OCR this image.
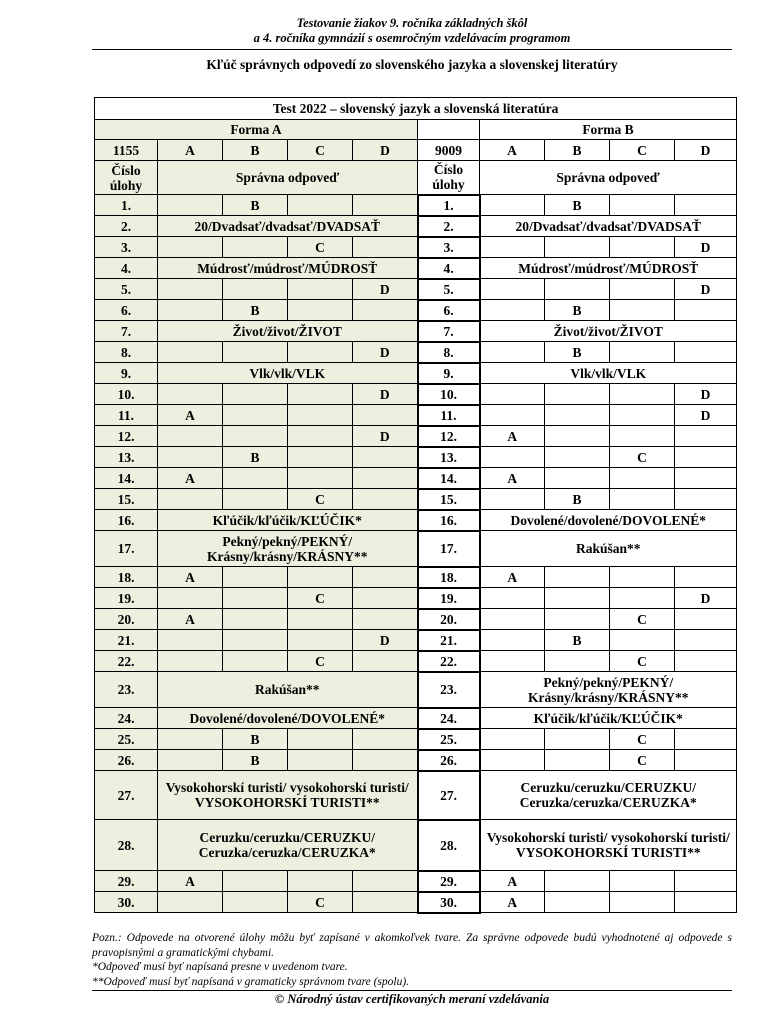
Testovanie žiakov 9. ročníka základných škôl
a 4. ročníka gymnázií s osemročným vzdelávacím programom
Kľúč správnych odpovedí zo slovenského jazyka a slovenskej literatúry
Test 2022 – slovenský jazyk a slovenská literatúra									
Forma A						Forma B			
1155	A	B	C	D	9009	A	B	C	D
Číslo úlohy	Správna odpoveď				Číslo úlohy	Správna odpoveď			
1.		B			1.		B		
2.	20/Dvadsať/dvadsať/DVADSAŤ				2.	20/Dvadsať/dvadsať/DVADSAŤ			
3.			C		3.				D
4.	Múdrosť/múdrosť/MÚDROSŤ				4.	Múdrosť/múdrosť/MÚDROSŤ			
5.				D	5.				D
6.		B			6.		B		
7.	Život/život/ŽIVOT				7.	Život/život/ŽIVOT			
8.				D	8.		B		
9.	Vlk/vlk/VLK				9.	Vlk/vlk/VLK			
10.				D	10.				D
11.	A				11.				D
12.				D	12.	A			
13.		B			13.			C	
14.	A				14.	A			
15.			C		15.		B		
16.	Kľúčik/kľúčik/KĽÚČIK*				16.	Dovolené/dovolené/DOVOLENÉ*			
17.	Pekný/pekný/PEKNÝ/ Krásny/krásny/KRÁSNY**				17.	Rakúšan**			
18.	A				18.	A			
19.			C		19.				D
20.	A				20.			C	
21.				D	21.		B		
22.			C		22.			C	
23.	Rakúšan**				23.	Pekný/pekný/PEKNÝ/ Krásny/krásny/KRÁSNY**			
24.	Dovolené/dovolené/DOVOLENÉ*				24.	Kľúčik/kľúčik/KĽÚČIK*			
25.		B			25.			C	
26.		B			26.			C	
27.	Vysokohorskí turisti/ vysokohorskí turisti/ VYSOKOHORSKÍ TURISTI**				27.	Ceruzku/ceruzku/CERUZKU/ Ceruzka/ceruzka/CERUZKA*			
28.	Ceruzku/ceruzku/CERUZKU/ Ceruzka/ceruzka/CERUZKA*				28.	Vysokohorskí turisti/ vysokohorskí turisti/ VYSOKOHORSKÍ TURISTI**			
29.	A				29.	A			
30.			C		30.	A			
Pozn.: Odpovede na otvorené úlohy môžu byť zapísané v akomkoľvek tvare. Za správne odpovede budú vyhodnotené aj odpovede s pravopisnými a gramatickými chybami.
*Odpoveď musí byť napísaná presne v uvedenom tvare.
**Odpoveď musí byť napísaná v gramaticky správnom tvare (spolu).
© Národný ústav certifikovaných meraní vzdelávania
